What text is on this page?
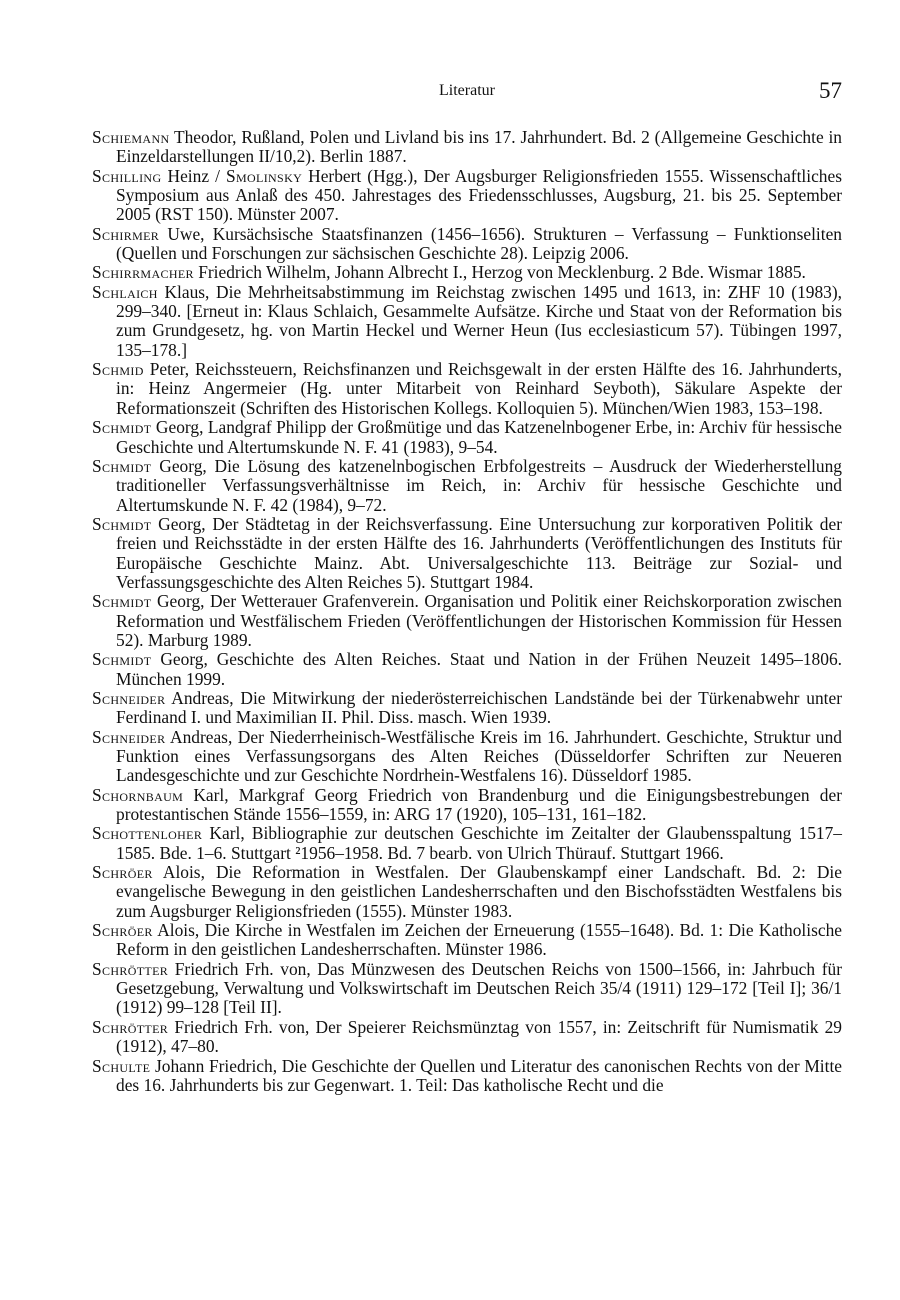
Literatur	57
Schiemann Theodor, Rußland, Polen und Livland bis ins 17. Jahrhundert. Bd. 2 (Allgemeine Geschichte in Einzeldarstellungen II/10,2). Berlin 1887.
Schilling Heinz / Smolinsky Herbert (Hgg.), Der Augsburger Religionsfrieden 1555. Wissenschaftliches Symposium aus Anlaß des 450. Jahrestages des Friedensschlusses, Augsburg, 21. bis 25. September 2005 (RST 150). Münster 2007.
Schirmer Uwe, Kursächsische Staatsfinanzen (1456–1656). Strukturen – Verfassung – Funktionseliten (Quellen und Forschungen zur sächsischen Geschichte 28). Leipzig 2006.
Schirrmacher Friedrich Wilhelm, Johann Albrecht I., Herzog von Mecklenburg. 2 Bde. Wismar 1885.
Schlaich Klaus, Die Mehrheitsabstimmung im Reichstag zwischen 1495 und 1613, in: ZHF 10 (1983), 299–340. [Erneut in: Klaus Schlaich, Gesammelte Aufsätze. Kirche und Staat von der Reformation bis zum Grundgesetz, hg. von Martin Heckel und Werner Heun (Ius ecclesiasticum 57). Tübingen 1997, 135–178.]
Schmid Peter, Reichssteuern, Reichsfinanzen und Reichsgewalt in der ersten Hälfte des 16. Jahrhunderts, in: Heinz Angermeier (Hg. unter Mitarbeit von Reinhard Seyboth), Säkulare Aspekte der Reformationszeit (Schriften des Historischen Kollegs. Kolloquien 5). München/Wien 1983, 153–198.
Schmidt Georg, Landgraf Philipp der Großmütige und das Katzenelnbogener Erbe, in: Archiv für hessische Geschichte und Altertumskunde N. F. 41 (1983), 9–54.
Schmidt Georg, Die Lösung des katzenelnbogischen Erbfolgestreits – Ausdruck der Wiederherstellung traditioneller Verfassungsverhältnisse im Reich, in: Archiv für hessische Geschichte und Altertumskunde N. F. 42 (1984), 9–72.
Schmidt Georg, Der Städtetag in der Reichsverfassung. Eine Untersuchung zur korporativen Politik der freien und Reichsstädte in der ersten Hälfte des 16. Jahrhunderts (Veröffentlichungen des Instituts für Europäische Geschichte Mainz. Abt. Universalgeschichte 113. Beiträge zur Sozial- und Verfassungsgeschichte des Alten Reiches 5). Stuttgart 1984.
Schmidt Georg, Der Wetterauer Grafenverein. Organisation und Politik einer Reichskorporation zwischen Reformation und Westfälischem Frieden (Veröffentlichungen der Historischen Kommission für Hessen 52). Marburg 1989.
Schmidt Georg, Geschichte des Alten Reiches. Staat und Nation in der Frühen Neuzeit 1495–1806. München 1999.
Schneider Andreas, Die Mitwirkung der niederösterreichischen Landstände bei der Türkenabwehr unter Ferdinand I. und Maximilian II. Phil. Diss. masch. Wien 1939.
Schneider Andreas, Der Niederrheinisch-Westfälische Kreis im 16. Jahrhundert. Geschichte, Struktur und Funktion eines Verfassungsorgans des Alten Reiches (Düsseldorfer Schriften zur Neueren Landesgeschichte und zur Geschichte Nordrhein-Westfalens 16). Düsseldorf 1985.
Schornbaum Karl, Markgraf Georg Friedrich von Brandenburg und die Einigungsbestrebungen der protestantischen Stände 1556–1559, in: ARG 17 (1920), 105–131, 161–182.
Schottenloher Karl, Bibliographie zur deutschen Geschichte im Zeitalter der Glaubensspaltung 1517–1585. Bde. 1–6. Stuttgart ²1956–1958. Bd. 7 bearb. von Ulrich Thürauf. Stuttgart 1966.
Schröer Alois, Die Reformation in Westfalen. Der Glaubenskampf einer Landschaft. Bd. 2: Die evangelische Bewegung in den geistlichen Landesherrschaften und den Bischofsstädten Westfalens bis zum Augsburger Religionsfrieden (1555). Münster 1983.
Schröer Alois, Die Kirche in Westfalen im Zeichen der Erneuerung (1555–1648). Bd. 1: Die Katholische Reform in den geistlichen Landesherrschaften. Münster 1986.
Schrötter Friedrich Frh. von, Das Münzwesen des Deutschen Reichs von 1500–1566, in: Jahrbuch für Gesetzgebung, Verwaltung und Volkswirtschaft im Deutschen Reich 35/4 (1911) 129–172 [Teil I]; 36/1 (1912) 99–128 [Teil II].
Schrötter Friedrich Frh. von, Der Speierer Reichsmünztag von 1557, in: Zeitschrift für Numismatik 29 (1912), 47–80.
Schulte Johann Friedrich, Die Geschichte der Quellen und Literatur des canonischen Rechts von der Mitte des 16. Jahrhunderts bis zur Gegenwart. 1. Teil: Das katholische Recht und die
